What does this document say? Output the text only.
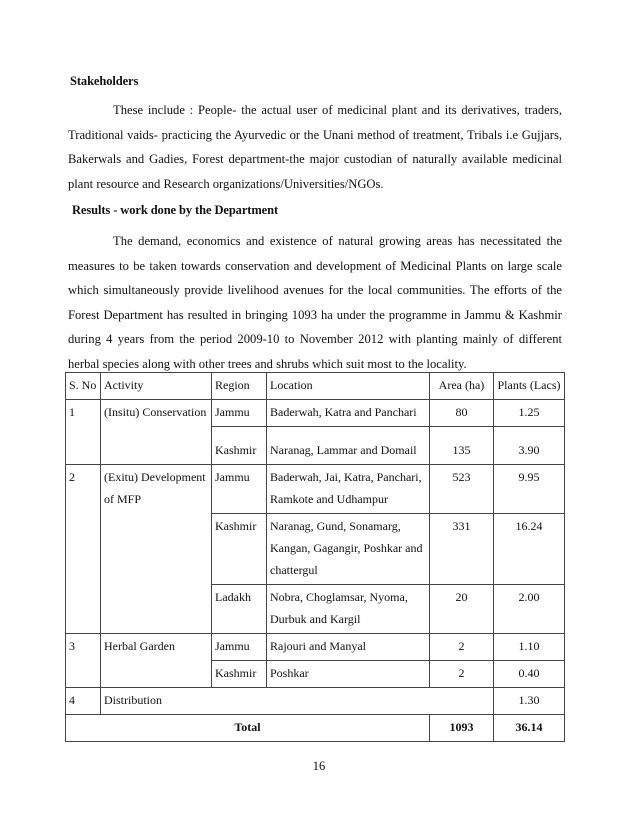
Stakeholders

These include : People- the actual user of medicinal plant and its derivatives, traders, Traditional vaids- practicing the Ayurvedic or the Unani method of treatment, Tribals i.e Gujjars, Bakerwals and Gadies, Forest department-the major custodian of naturally available medicinal plant resource and Research organizations/Universities/NGOs.

Results - work done by the Department

The demand, economics and existence of natural growing areas has necessitated the measures to be taken towards conservation and development of Medicinal Plants on large scale which simultaneously provide livelihood avenues for the local communities. The efforts of the Forest Department has resulted in bringing 1093 ha under the programme in Jammu & Kashmir during 4 years from the period 2009-10 to November 2012 with planting mainly of different herbal species along with other trees and shrubs which suit most to the locality.

S. No	Activity	Region	Location	Area (ha)	Plants (Lacs)
1	(Insitu) Conservation	Jammu	Baderwah, Katra and Panchari	80	1.25
		Kashmir	Naranag, Lammar and Domail	135	3.90
2	(Exitu) Development of MFP	Jammu	Baderwah, Jai, Katra, Panchari, Ramkote and Udhampur	523	9.95
		Kashmir	Naranag, Gund, Sonamarg, Kangan, Gagangir, Poshkar and chattergul	331	16.24
		Ladakh	Nobra, Choglamsar, Nyoma, Durbuk and Kargil	20	2.00
3	Herbal Garden	Jammu	Rajouri and Manyal	2	1.10
		Kashmir	Poshkar	2	0.40
4	Distribution				1.30
Total				1093	36.14
16
